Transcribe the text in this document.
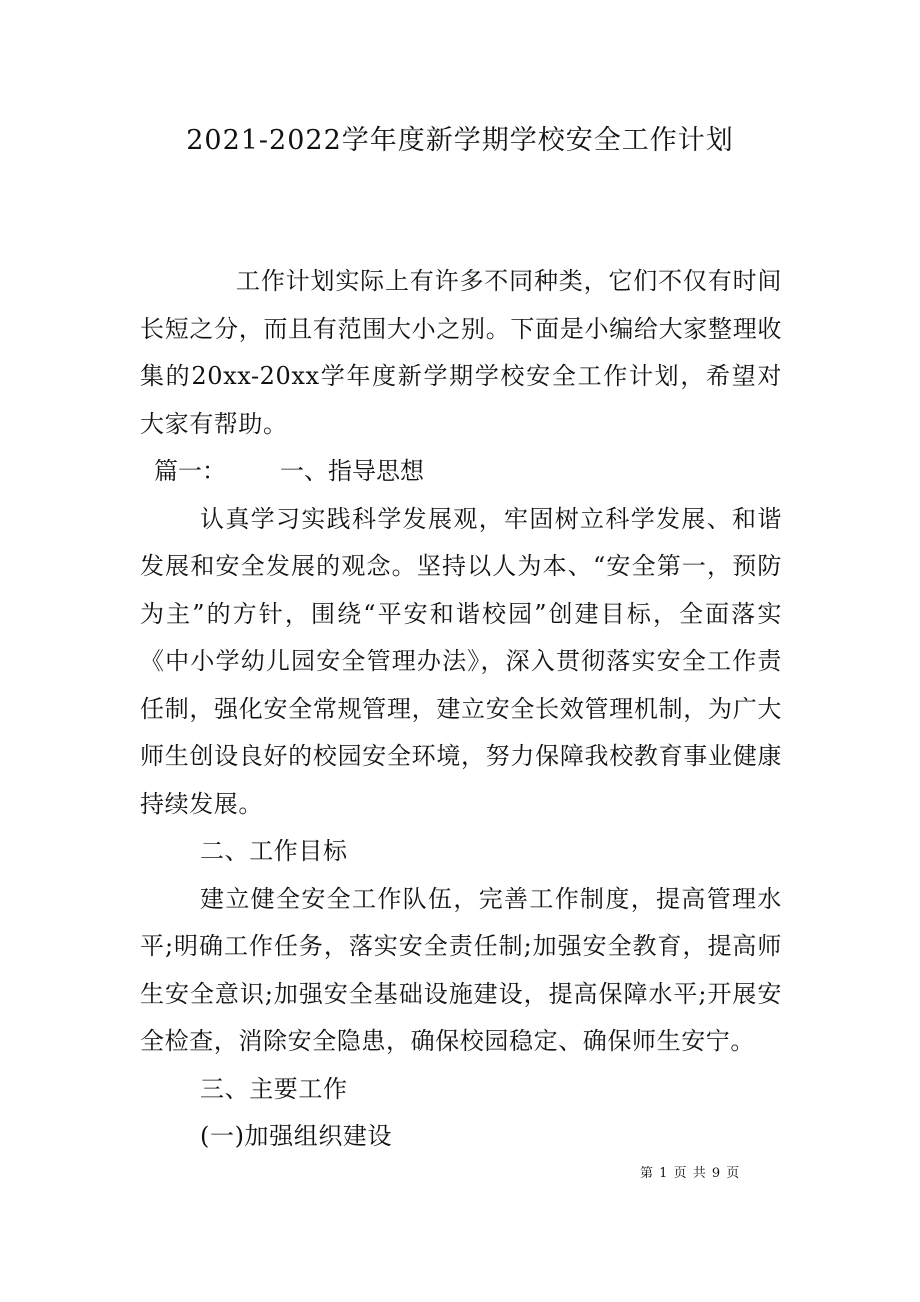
2021-2022学年度新学期学校安全工作计划

工作计划实际上有许多不同种类，它们不仅有时间长短之分，而且有范围大小之别。下面是小编给大家整理收集的20xx-20xx学年度新学期学校安全工作计划，希望对大家有帮助。

篇一： 一、指导思想

认真学习实践科学发展观，牢固树立科学发展、和谐发展和安全发展的观念。坚持以人为本、“安全第一，预防为主”的方针，围绕“平安和谐校园”创建目标，全面落实《中小学幼儿园安全管理办法》，深入贯彻落实安全工作责任制，强化安全常规管理，建立安全长效管理机制，为广大师生创设良好的校园安全环境，努力保障我校教育事业健康持续发展。

二、工作目标

建立健全安全工作队伍，完善工作制度，提高管理水平;明确工作任务，落实安全责任制;加强安全教育，提高师生安全意识;加强安全基础设施建设，提高保障水平;开展安全检查，消除安全隐患，确保校园稳定、确保师生安宁。

三、主要工作

(一)加强组织建设

第 1 页 共 9 页
